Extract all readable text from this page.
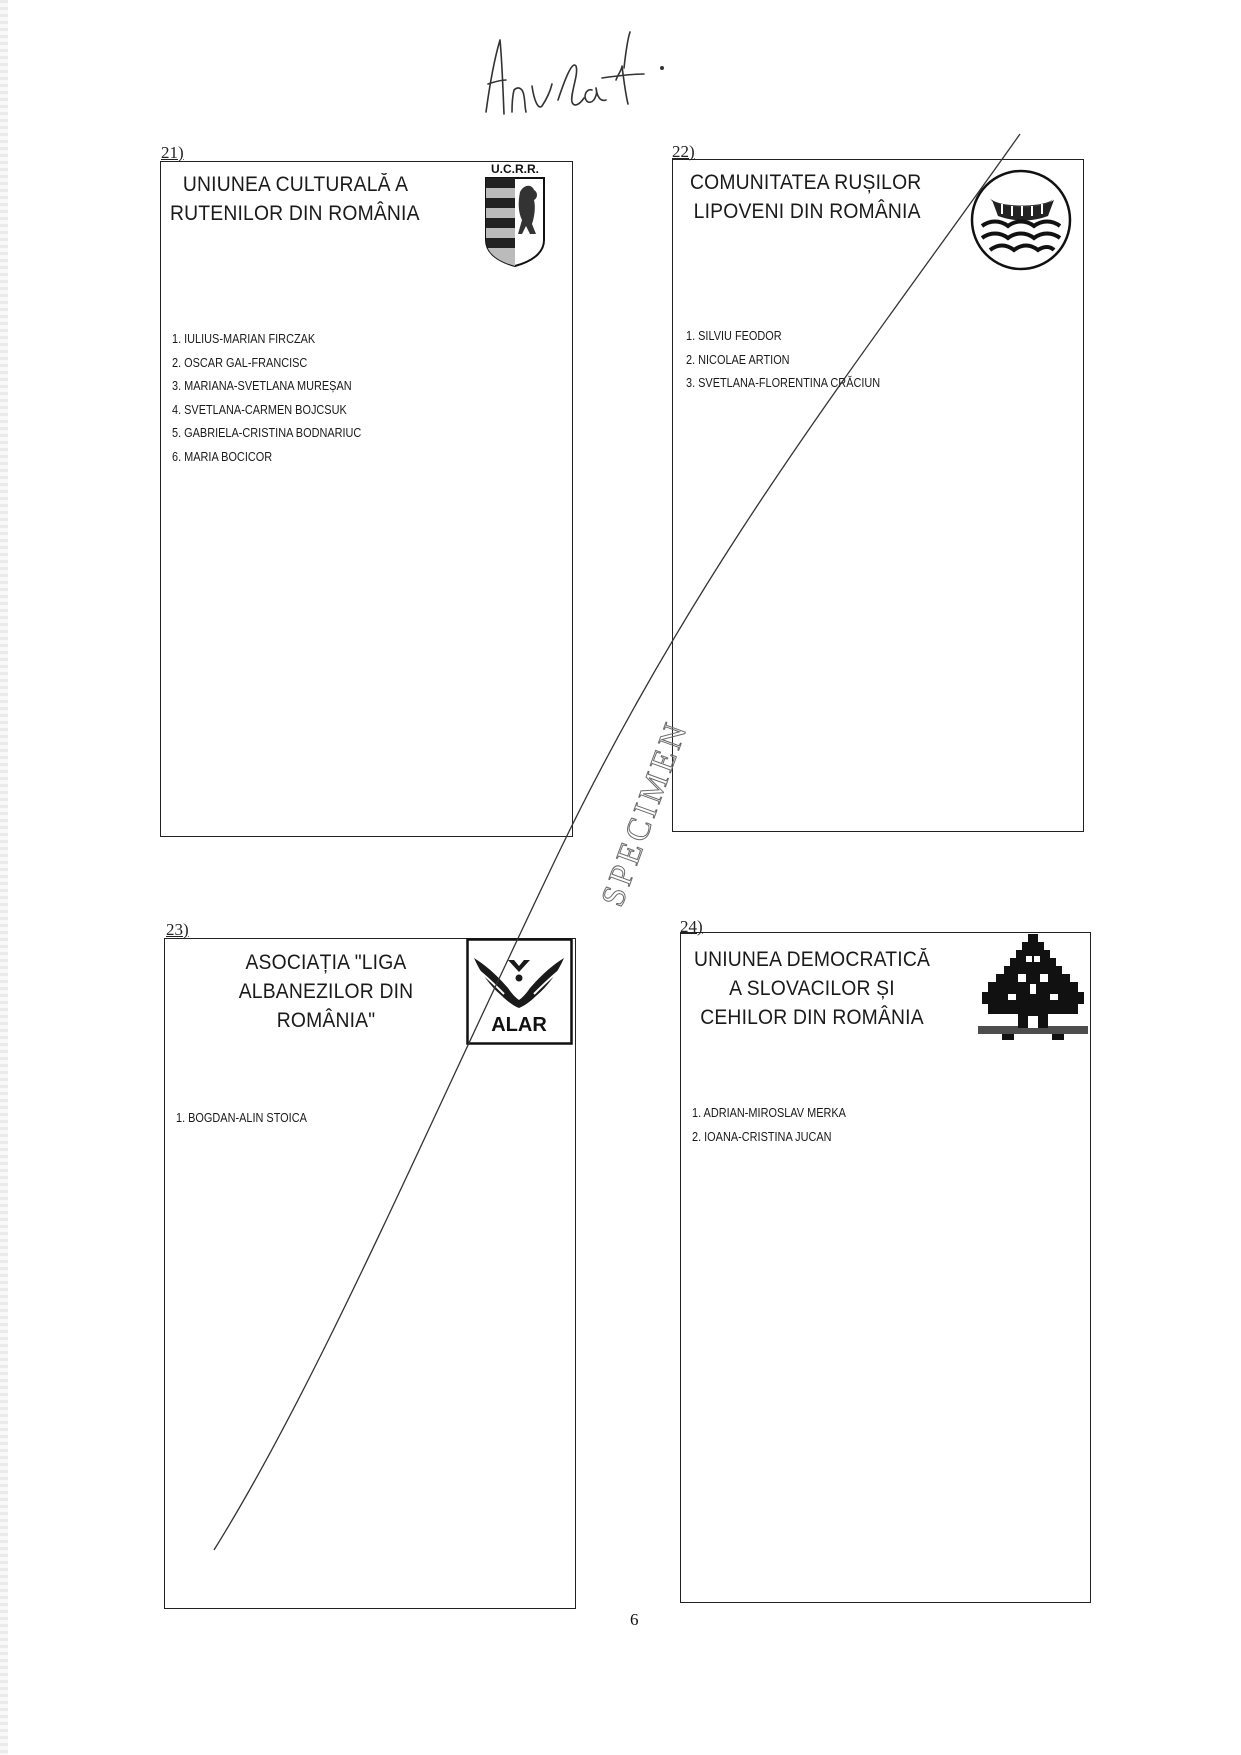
21)
UNIUNEA CULTURALĂ A
RUTENILOR DIN ROMÂNIA
U.C.R.R.
1. IULIUS-MARIAN FIRCZAK
2. OSCAR GAL-FRANCISC
3. MARIANA-SVETLANA MUREȘAN
4. SVETLANA-CARMEN BOJCSUK
5. GABRIELA-CRISTINA BODNARIUC
6. MARIA BOCICOR
22)
COMUNITATEA RUȘILOR
LIPOVENI DIN ROMÂNIA
1. SILVIU FEODOR
2. NICOLAE ARTION
3. SVETLANA-FLORENTINA CRĂCIUN
23)
ASOCIAȚIA "LIGA
ALBANEZILOR DIN
ROMÂNIA"	ALAR
1. BOGDAN-ALIN STOICA
24)
UNIUNEA DEMOCRATICĂ
A SLOVACILOR ȘI
CEHILOR DIN ROMÂNIA
1. ADRIAN-MIROSLAV MERKA
2. IOANA-CRISTINA JUCAN
SPECIMEN
6
